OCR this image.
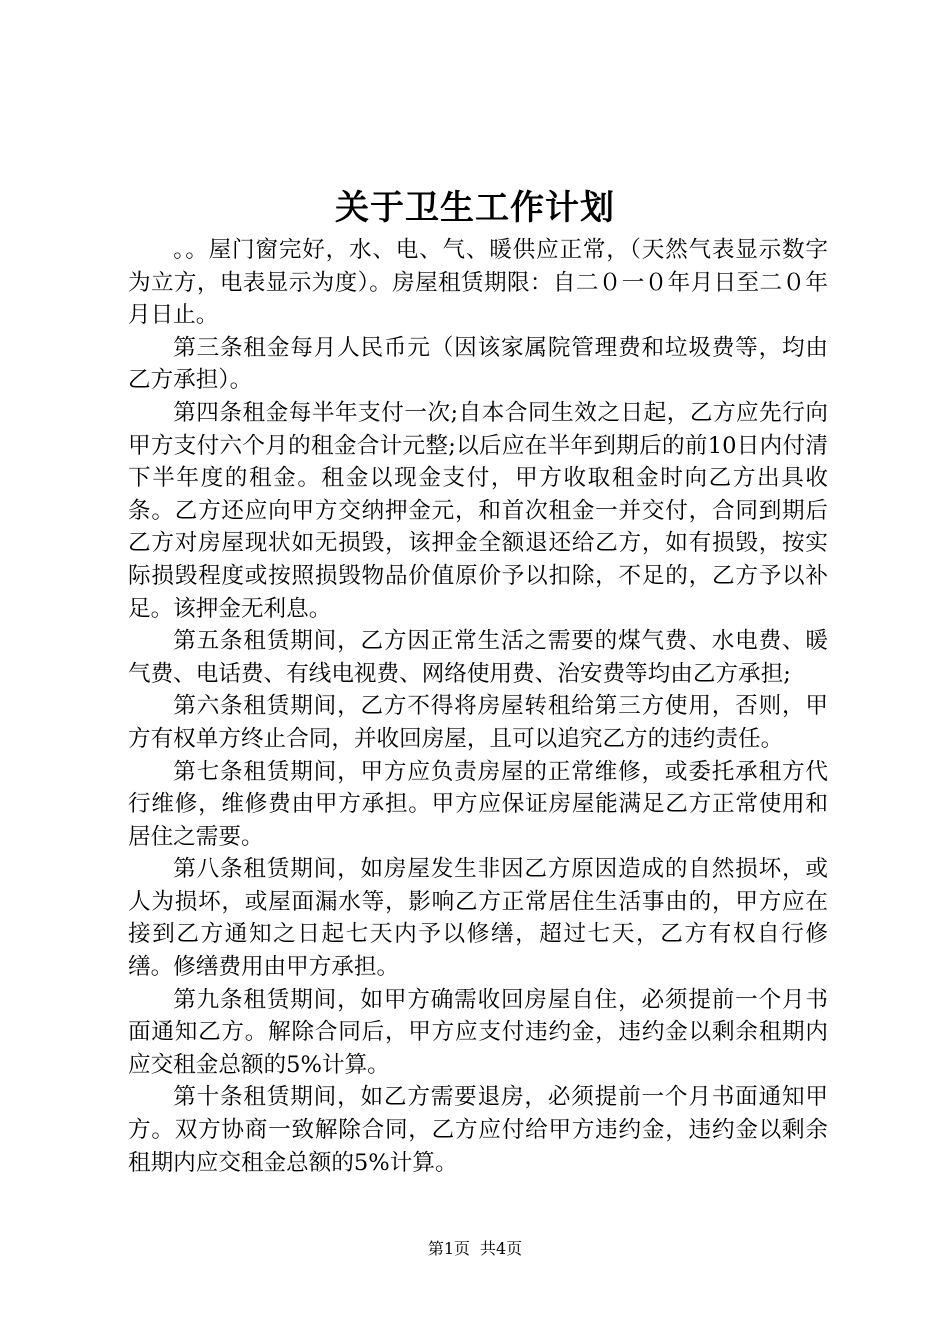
关于卫生工作计划

。。屋门窗完好，水、电、气、暖供应正常，（天然气表显示数字为立方，电表显示为度）。房屋租赁期限：自二０一０年月日至二０年月日止。

第三条租金每月人民币元（因该家属院管理费和垃圾费等，均由乙方承担）。

第四条租金每半年支付一次;自本合同生效之日起，乙方应先行向甲方支付六个月的租金合计元整;以后应在半年到期后的前10日内付清下半年度的租金。租金以现金支付，甲方收取租金时向乙方出具收条。乙方还应向甲方交纳押金元，和首次租金一并交付，合同到期后乙方对房屋现状如无损毁，该押金全额退还给乙方，如有损毁，按实际损毁程度或按照损毁物品价值原价予以扣除，不足的，乙方予以补足。该押金无利息。

第五条租赁期间，乙方因正常生活之需要的煤气费、水电费、暖气费、电话费、有线电视费、网络使用费、治安费等均由乙方承担;

第六条租赁期间，乙方不得将房屋转租给第三方使用，否则，甲方有权单方终止合同，并收回房屋，且可以追究乙方的违约责任。

第七条租赁期间，甲方应负责房屋的正常维修，或委托承租方代行维修，维修费由甲方承担。甲方应保证房屋能满足乙方正常使用和居住之需要。

第八条租赁期间，如房屋发生非因乙方原因造成的自然损坏，或人为损坏，或屋面漏水等，影响乙方正常居住生活事由的，甲方应在接到乙方通知之日起七天内予以修缮，超过七天，乙方有权自行修缮。修缮费用由甲方承担。

第九条租赁期间，如甲方确需收回房屋自住，必须提前一个月书面通知乙方。解除合同后，甲方应支付违约金，违约金以剩余租期内应交租金总额的5%计算。

第十条租赁期间，如乙方需要退房，必须提前一个月书面通知甲方。双方协商一致解除合同，乙方应付给甲方违约金，违约金以剩余租期内应交租金总额的5%计算。

第1页 共4页
